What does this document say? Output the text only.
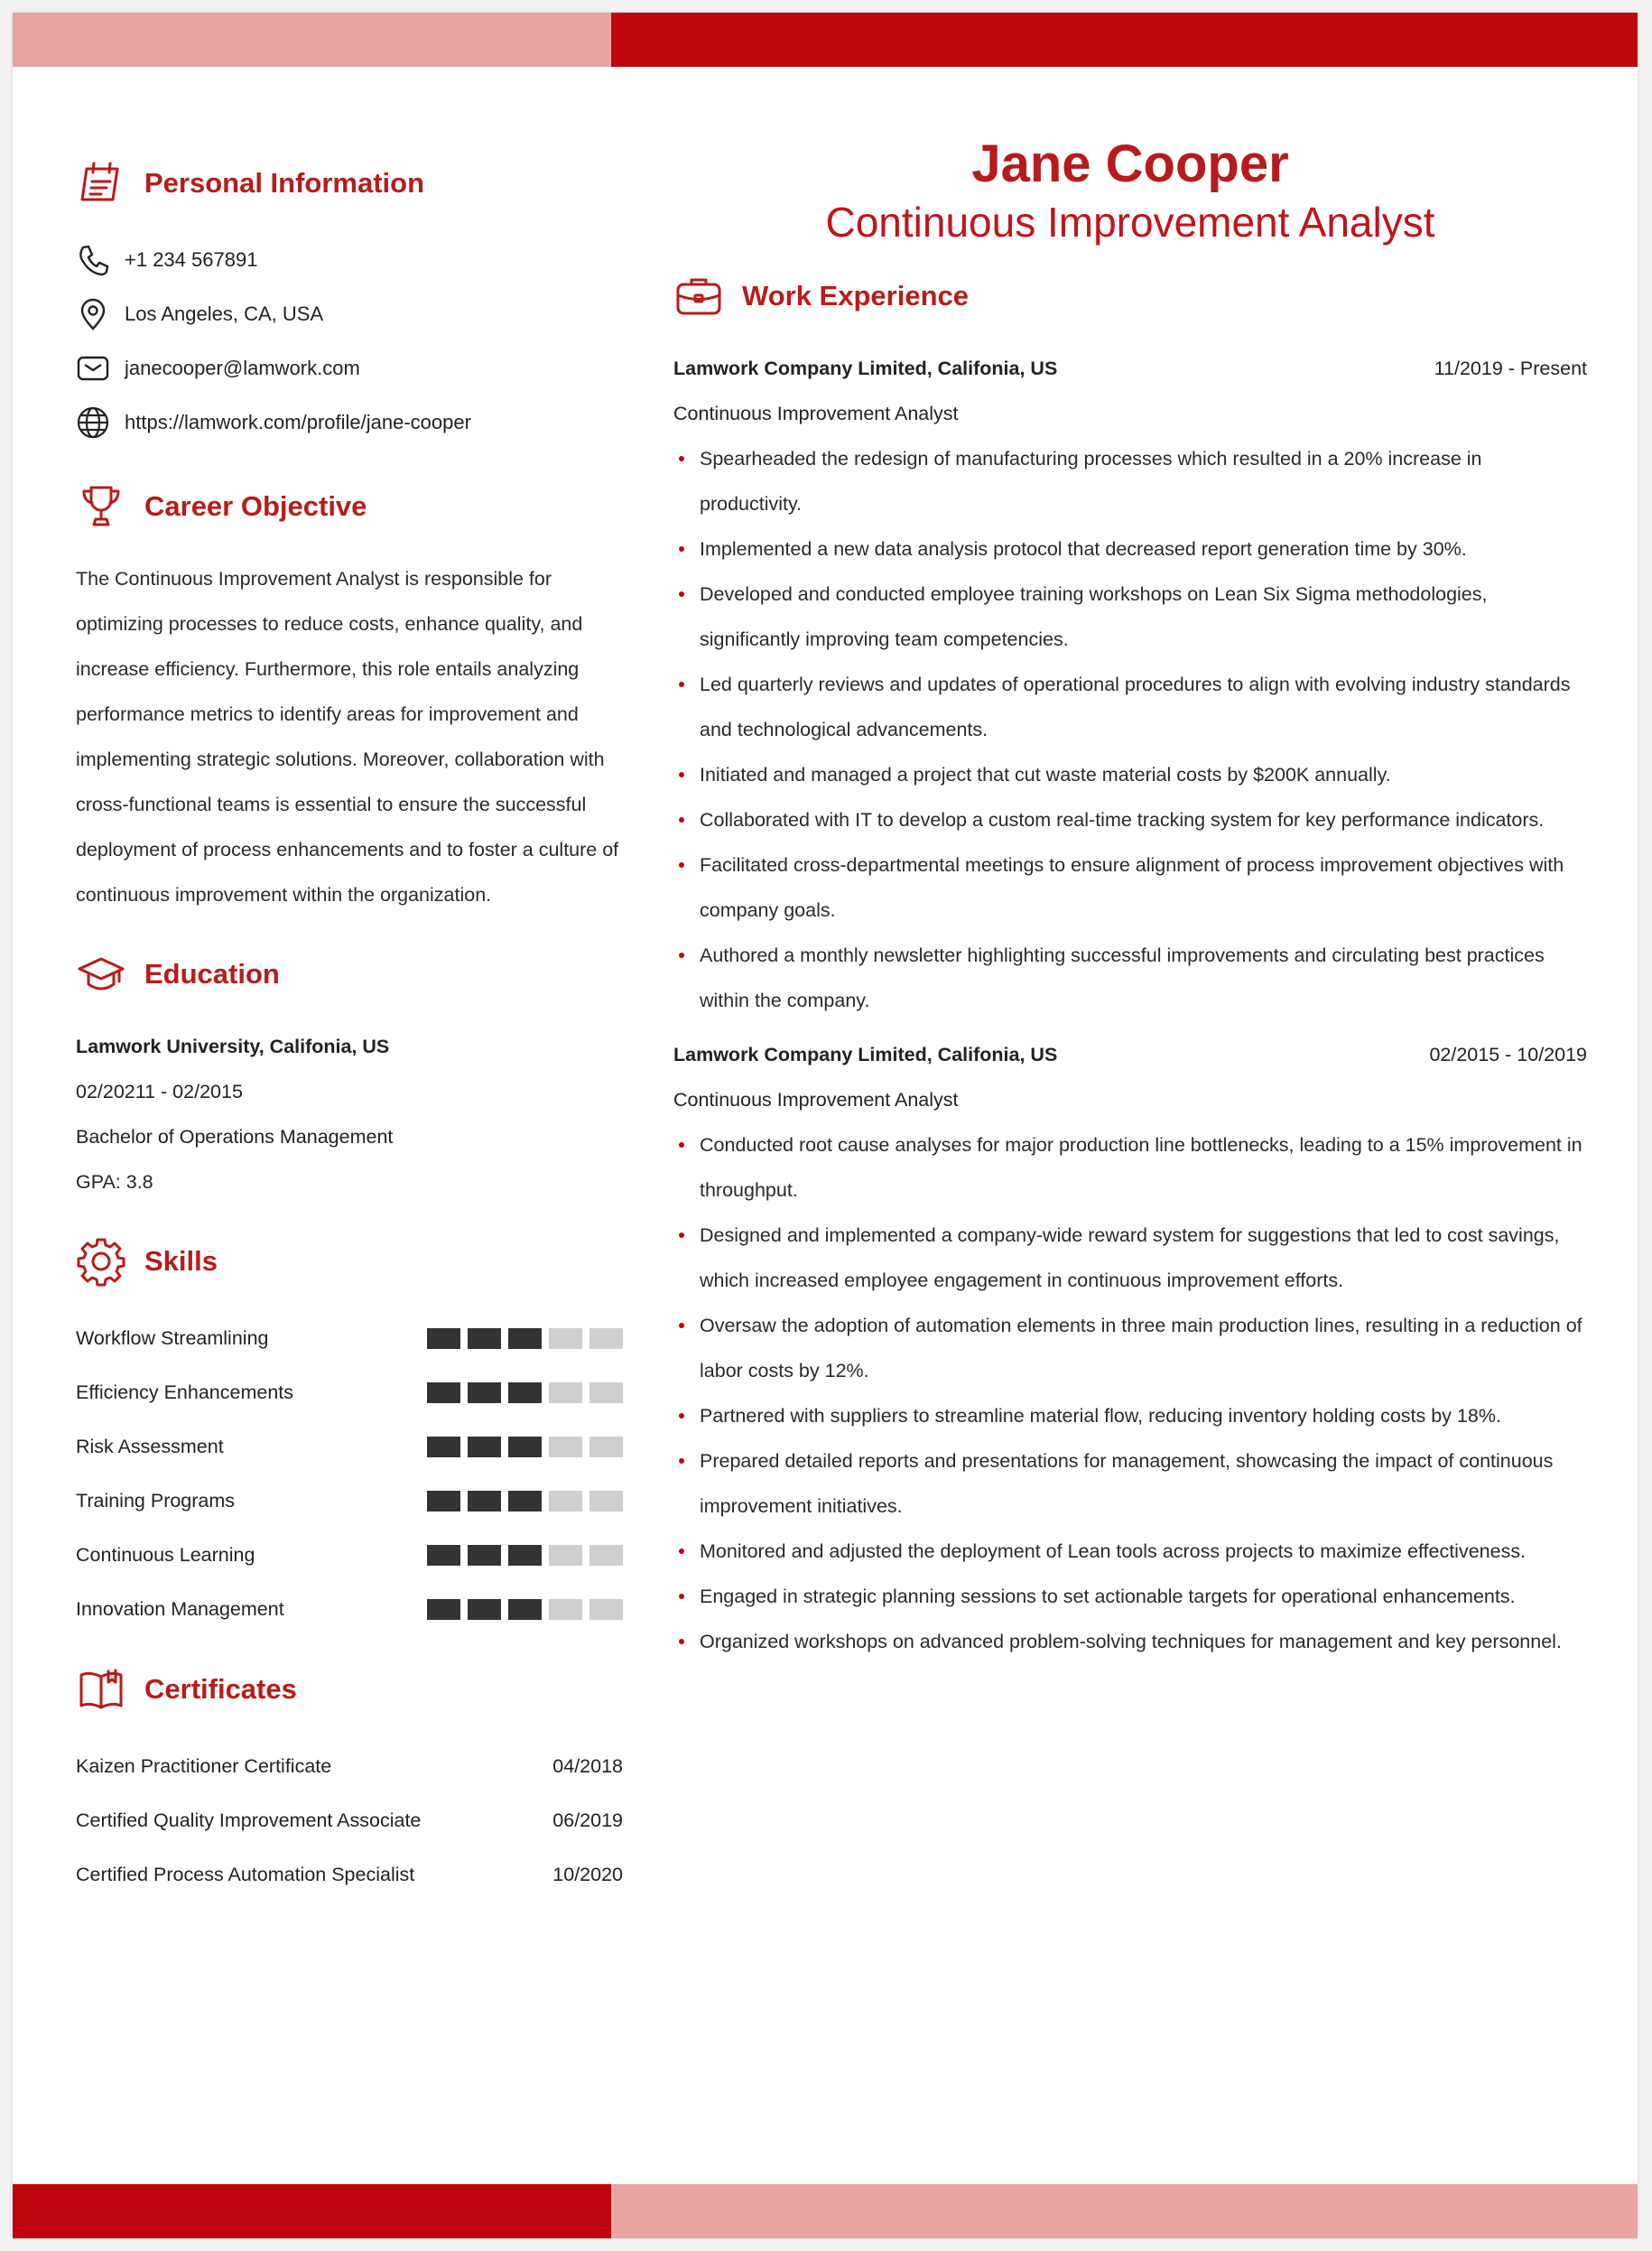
Personal Information
+1 234 567891
Los Angeles, CA, USA
janecooper@lamwork.com
https://lamwork.com/profile/jane-cooper
Career Objective

The Continuous Improvement Analyst is responsible for optimizing processes to reduce costs, enhance quality, and increase efficiency. Furthermore, this role entails analyzing performance metrics to identify areas for improvement and implementing strategic solutions. Moreover, collaboration with cross-functional teams is essential to ensure the successful deployment of process enhancements and to foster a culture of continuous improvement within the organization.

Education
Lamwork University, Califonia, US
02/20211 - 02/2015
Bachelor of Operations Management
GPA: 3.8
Skills
Workflow Streamlining
Efficiency Enhancements
Risk Assessment
Training Programs
Continuous Learning
Innovation Management
Certificates
Kaizen Practitioner Certificate	04/2018
Certified Quality Improvement Associate	06/2019
Certified Process Automation Specialist	10/2020
Jane Cooper
Continuous Improvement Analyst
Work Experience
Lamwork Company Limited, Califonia, US	11/2019 - Present
Continuous Improvement Analyst
Spearheaded the redesign of manufacturing processes which resulted in a 20% increase in productivity.
Implemented a new data analysis protocol that decreased report generation time by 30%.
Developed and conducted employee training workshops on Lean Six Sigma methodologies, significantly improving team competencies.
Led quarterly reviews and updates of operational procedures to align with evolving industry standards and technological advancements.
Initiated and managed a project that cut waste material costs by $200K annually.
Collaborated with IT to develop a custom real-time tracking system for key performance indicators.
Facilitated cross-departmental meetings to ensure alignment of process improvement objectives with company goals.
Authored a monthly newsletter highlighting successful improvements and circulating best practices within the company.
Lamwork Company Limited, Califonia, US	02/2015 - 10/2019
Continuous Improvement Analyst
Conducted root cause analyses for major production line bottlenecks, leading to a 15% improvement in throughput.
Designed and implemented a company-wide reward system for suggestions that led to cost savings, which increased employee engagement in continuous improvement efforts.
Oversaw the adoption of automation elements in three main production lines, resulting in a reduction of labor costs by 12%.
Partnered with suppliers to streamline material flow, reducing inventory holding costs by 18%.
Prepared detailed reports and presentations for management, showcasing the impact of continuous improvement initiatives.
Monitored and adjusted the deployment of Lean tools across projects to maximize effectiveness.
Engaged in strategic planning sessions to set actionable targets for operational enhancements.
Organized workshops on advanced problem-solving techniques for management and key personnel.
